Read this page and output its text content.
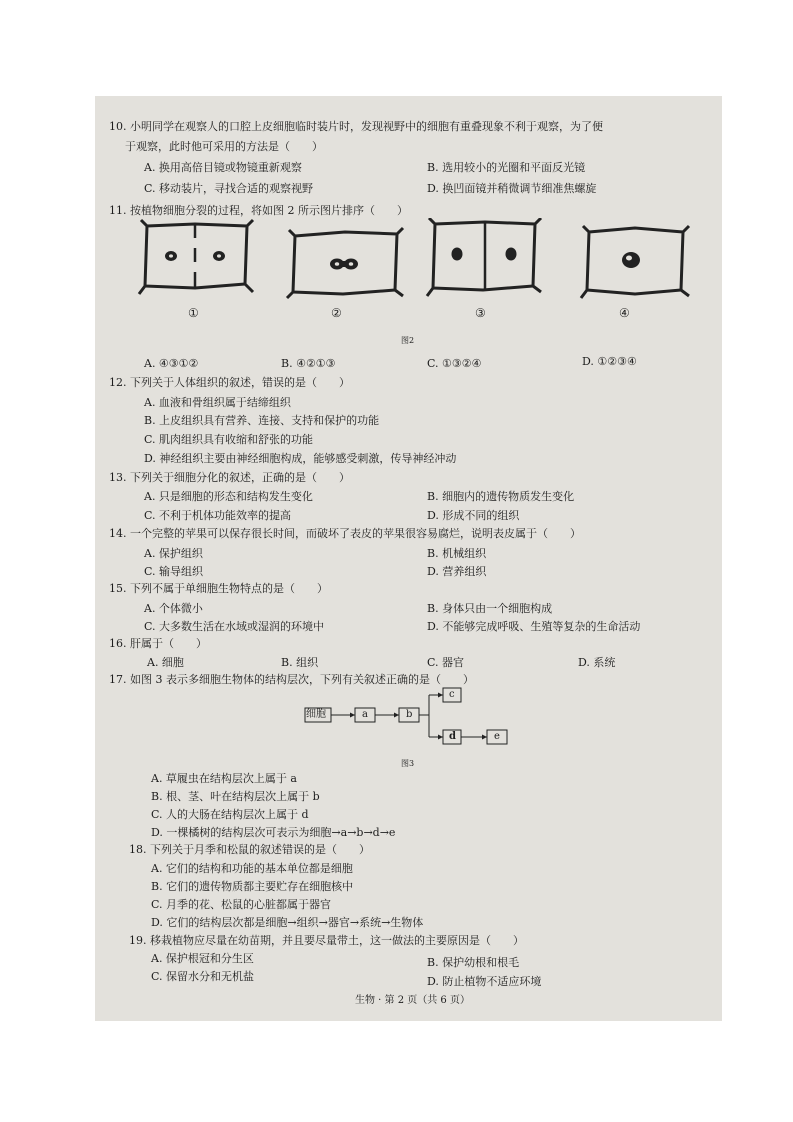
10. 小明同学在观察人的口腔上皮细胞临时装片时，发现视野中的细胞有重叠现象不利于观察，为了便
于观察，此时他可采用的方法是（　　）
A. 换用高倍目镜或物镜重新观察	B. 选用较小的光圈和平面反光镜
C. 移动装片，寻找合适的观察视野	D. 换凹面镜并稍微调节细准焦螺旋
11. 按植物细胞分裂的过程，将如图 2 所示图片排序（　　）
①	②	③	④
图2
A. ④③①②	B. ④②①③	C. ①③②④	D. ①②③④
12. 下列关于人体组织的叙述，错误的是（　　）
A. 血液和骨组织属于结缔组织
B. 上皮组织具有营养、连接、支持和保护的功能
C. 肌肉组织具有收缩和舒张的功能
D. 神经组织主要由神经细胞构成，能够感受刺激，传导神经冲动
13. 下列关于细胞分化的叙述，正确的是（　　）
A. 只是细胞的形态和结构发生变化	B. 细胞内的遗传物质发生变化
C. 不利于机体功能效率的提高	D. 形成不同的组织
14. 一个完整的苹果可以保存很长时间，而破坏了表皮的苹果很容易腐烂，说明表皮属于（　　）
A. 保护组织	B. 机械组织
C. 输导组织	D. 营养组织
15. 下列不属于单细胞生物特点的是（　　）
A. 个体微小	B. 身体只由一个细胞构成
C. 大多数生活在水域或湿润的环境中	D. 不能够完成呼吸、生殖等复杂的生命活动
16. 肝属于（　　）
A. 细胞	B. 组织	C. 器官	D. 系统
17. 如图 3 表示多细胞生物体的结构层次，下列有关叙述正确的是（　　）
细胞	a	b
c
d	e
图3
A. 草履虫在结构层次上属于 a
B. 根、茎、叶在结构层次上属于 b
C. 人的大肠在结构层次上属于 d
D. 一棵橘树的结构层次可表示为细胞→a→b→d→e
18. 下列关于月季和松鼠的叙述错误的是（　　）
A. 它们的结构和功能的基本单位都是细胞
B. 它们的遗传物质都主要贮存在细胞核中
C. 月季的花、松鼠的心脏都属于器官
D. 它们的结构层次都是细胞→组织→器官→系统→生物体
19. 移栽植物应尽量在幼苗期，并且要尽量带土，这一做法的主要原因是（　　）
A. 保护根冠和分生区	B. 保护幼根和根毛
C. 保留水分和无机盐	D. 防止植物不适应环境
生物 · 第 2 页（共 6 页）
